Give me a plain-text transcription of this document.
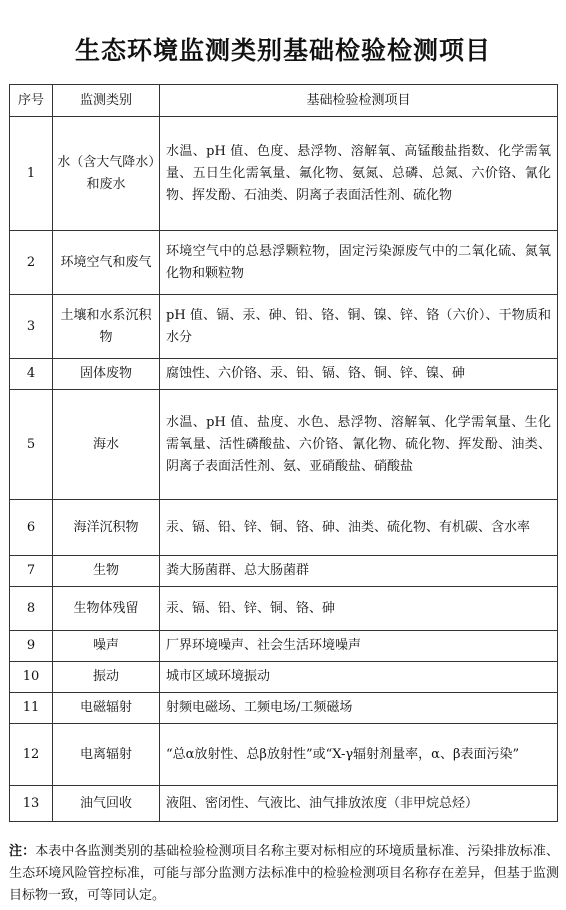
生态环境监测类别基础检验检测项目
序号	监测类别	基础检验检测项目
1	水（含大气降水）和废水	水温、pH 值、色度、悬浮物、溶解氧、高锰酸盐指数、化学需氧量、五日生化需氧量、氟化物、氨氮、总磷、总氮、六价铬、氰化物、挥发酚、石油类、阴离子表面活性剂、硫化物
2	环境空气和废气	环境空气中的总悬浮颗粒物，固定污染源废气中的二氧化硫、氮氧化物和颗粒物
3	土壤和水系沉积物	pH 值、镉、汞、砷、铅、铬、铜、镍、锌、铬（六价）、干物质和水分
4	固体废物	腐蚀性、六价铬、汞、铅、镉、铬、铜、锌、镍、砷
5	海水	水温、pH 值、盐度、水色、悬浮物、溶解氧、化学需氧量、生化需氧量、活性磷酸盐、六价铬、氰化物、硫化物、挥发酚、油类、阴离子表面活性剂、氨、亚硝酸盐、硝酸盐
6	海洋沉积物	汞、镉、铅、锌、铜、铬、砷、油类、硫化物、有机碳、含水率
7	生物	粪大肠菌群、总大肠菌群
8	生物体残留	汞、镉、铅、锌、铜、铬、砷
9	噪声	厂界环境噪声、社会生活环境噪声
10	振动	城市区域环境振动
11	电磁辐射	射频电磁场、工频电场/工频磁场
12	电离辐射	“总α放射性、总β放射性”或“X-γ辐射剂量率，α、β表面污染”
13	油气回收	液阻、密闭性、气液比、油气排放浓度（非甲烷总烃）
注：本表中各监测类别的基础检验检测项目名称主要对标相应的环境质量标准、污染排放标准、生态环境风险管控标准，可能与部分监测方法标准中的检验检测项目名称存在差异，但基于监测目标物一致，可等同认定。
